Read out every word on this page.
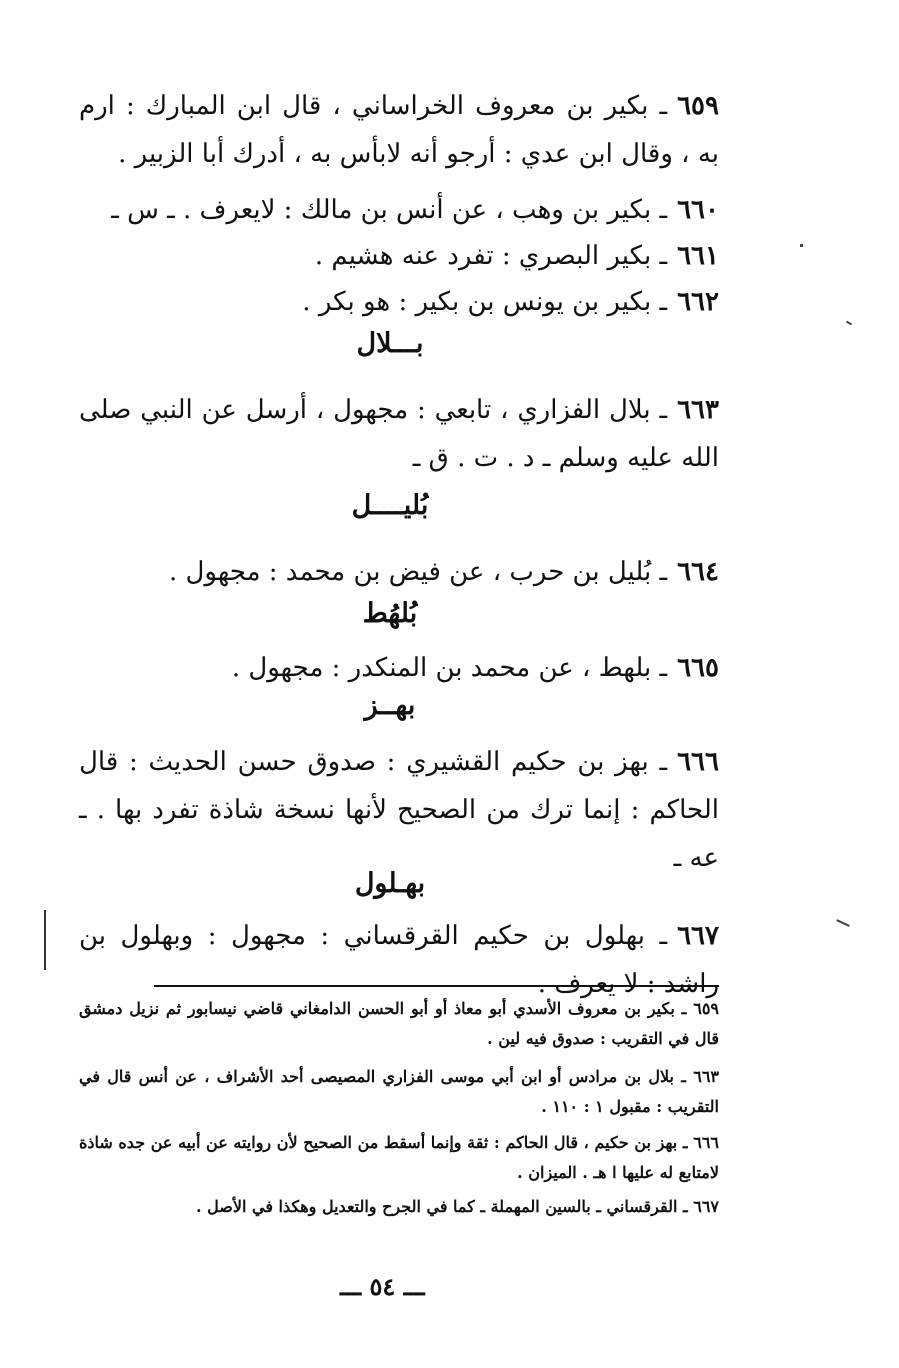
٦٥٩ـ بكير بن معروف الخراساني ، قال ابن المبارك : ارم به ، وقال ابن عدي : أرجو أنه لابأس به ، أدرك أبا الزبير .
٦٦٠ـ بكير بن وهب ، عن أنس بن مالك : لايعرف . ـ س ـ
٦٦١ـ بكير البصري : تفرد عنه هشيم .
٦٦٢ـ بكير بن يونس بن بكير : هو بكر .
بـــلال
٦٦٣ـ بلال الفزاري ، تابعي : مجهول ، أرسل عن النبي صلى الله عليه وسلم ـ د . ت . ق ـ
بُليــــل
٦٦٤ـ بُليل بن حرب ، عن فيض بن محمد : مجهول .
بُلهُط
٦٦٥ـ بلهط ، عن محمد بن المنكدر : مجهول .
بهــز
٦٦٦ـ بهز بن حكيم القشيري : صدوق حسن الحديث : قال الحاكم : إنما ترك من الصحيح لأنها نسخة شاذة تفرد بها . ـ عه ـ
بهـلول
٦٦٧ـ بهلول بن حكيم القرقساني : مجهول : وبهلول بن راشد : لا يعرف .
٦٥٩ ـ بكير بن معروف الأسدي أبو معاذ أو أبو الحسن الدامغاني قاضي نيسابور ثم نزيل دمشق قال في التقريب : صدوق فيه لين .
٦٦٣ ـ بلال بن مرادس أو ابن أبي موسى الفزاري المصيصى أحد الأشراف ، عن أنس قال في التقريب : مقبول ١ : ١١٠ .
٦٦٦ ـ بهز بن حكيم ، قال الحاكم : ثقة وإنما أسقط من الصحيح لأن روايته عن أبيه عن جده شاذة لامتابع له عليها ا هـ . الميزان .
٦٦٧ ـ القرقساني ـ بالسين المهملة ـ كما في الجرح والتعديل وهكذا في الأصل .
ـــ ٥٤ ـــ
